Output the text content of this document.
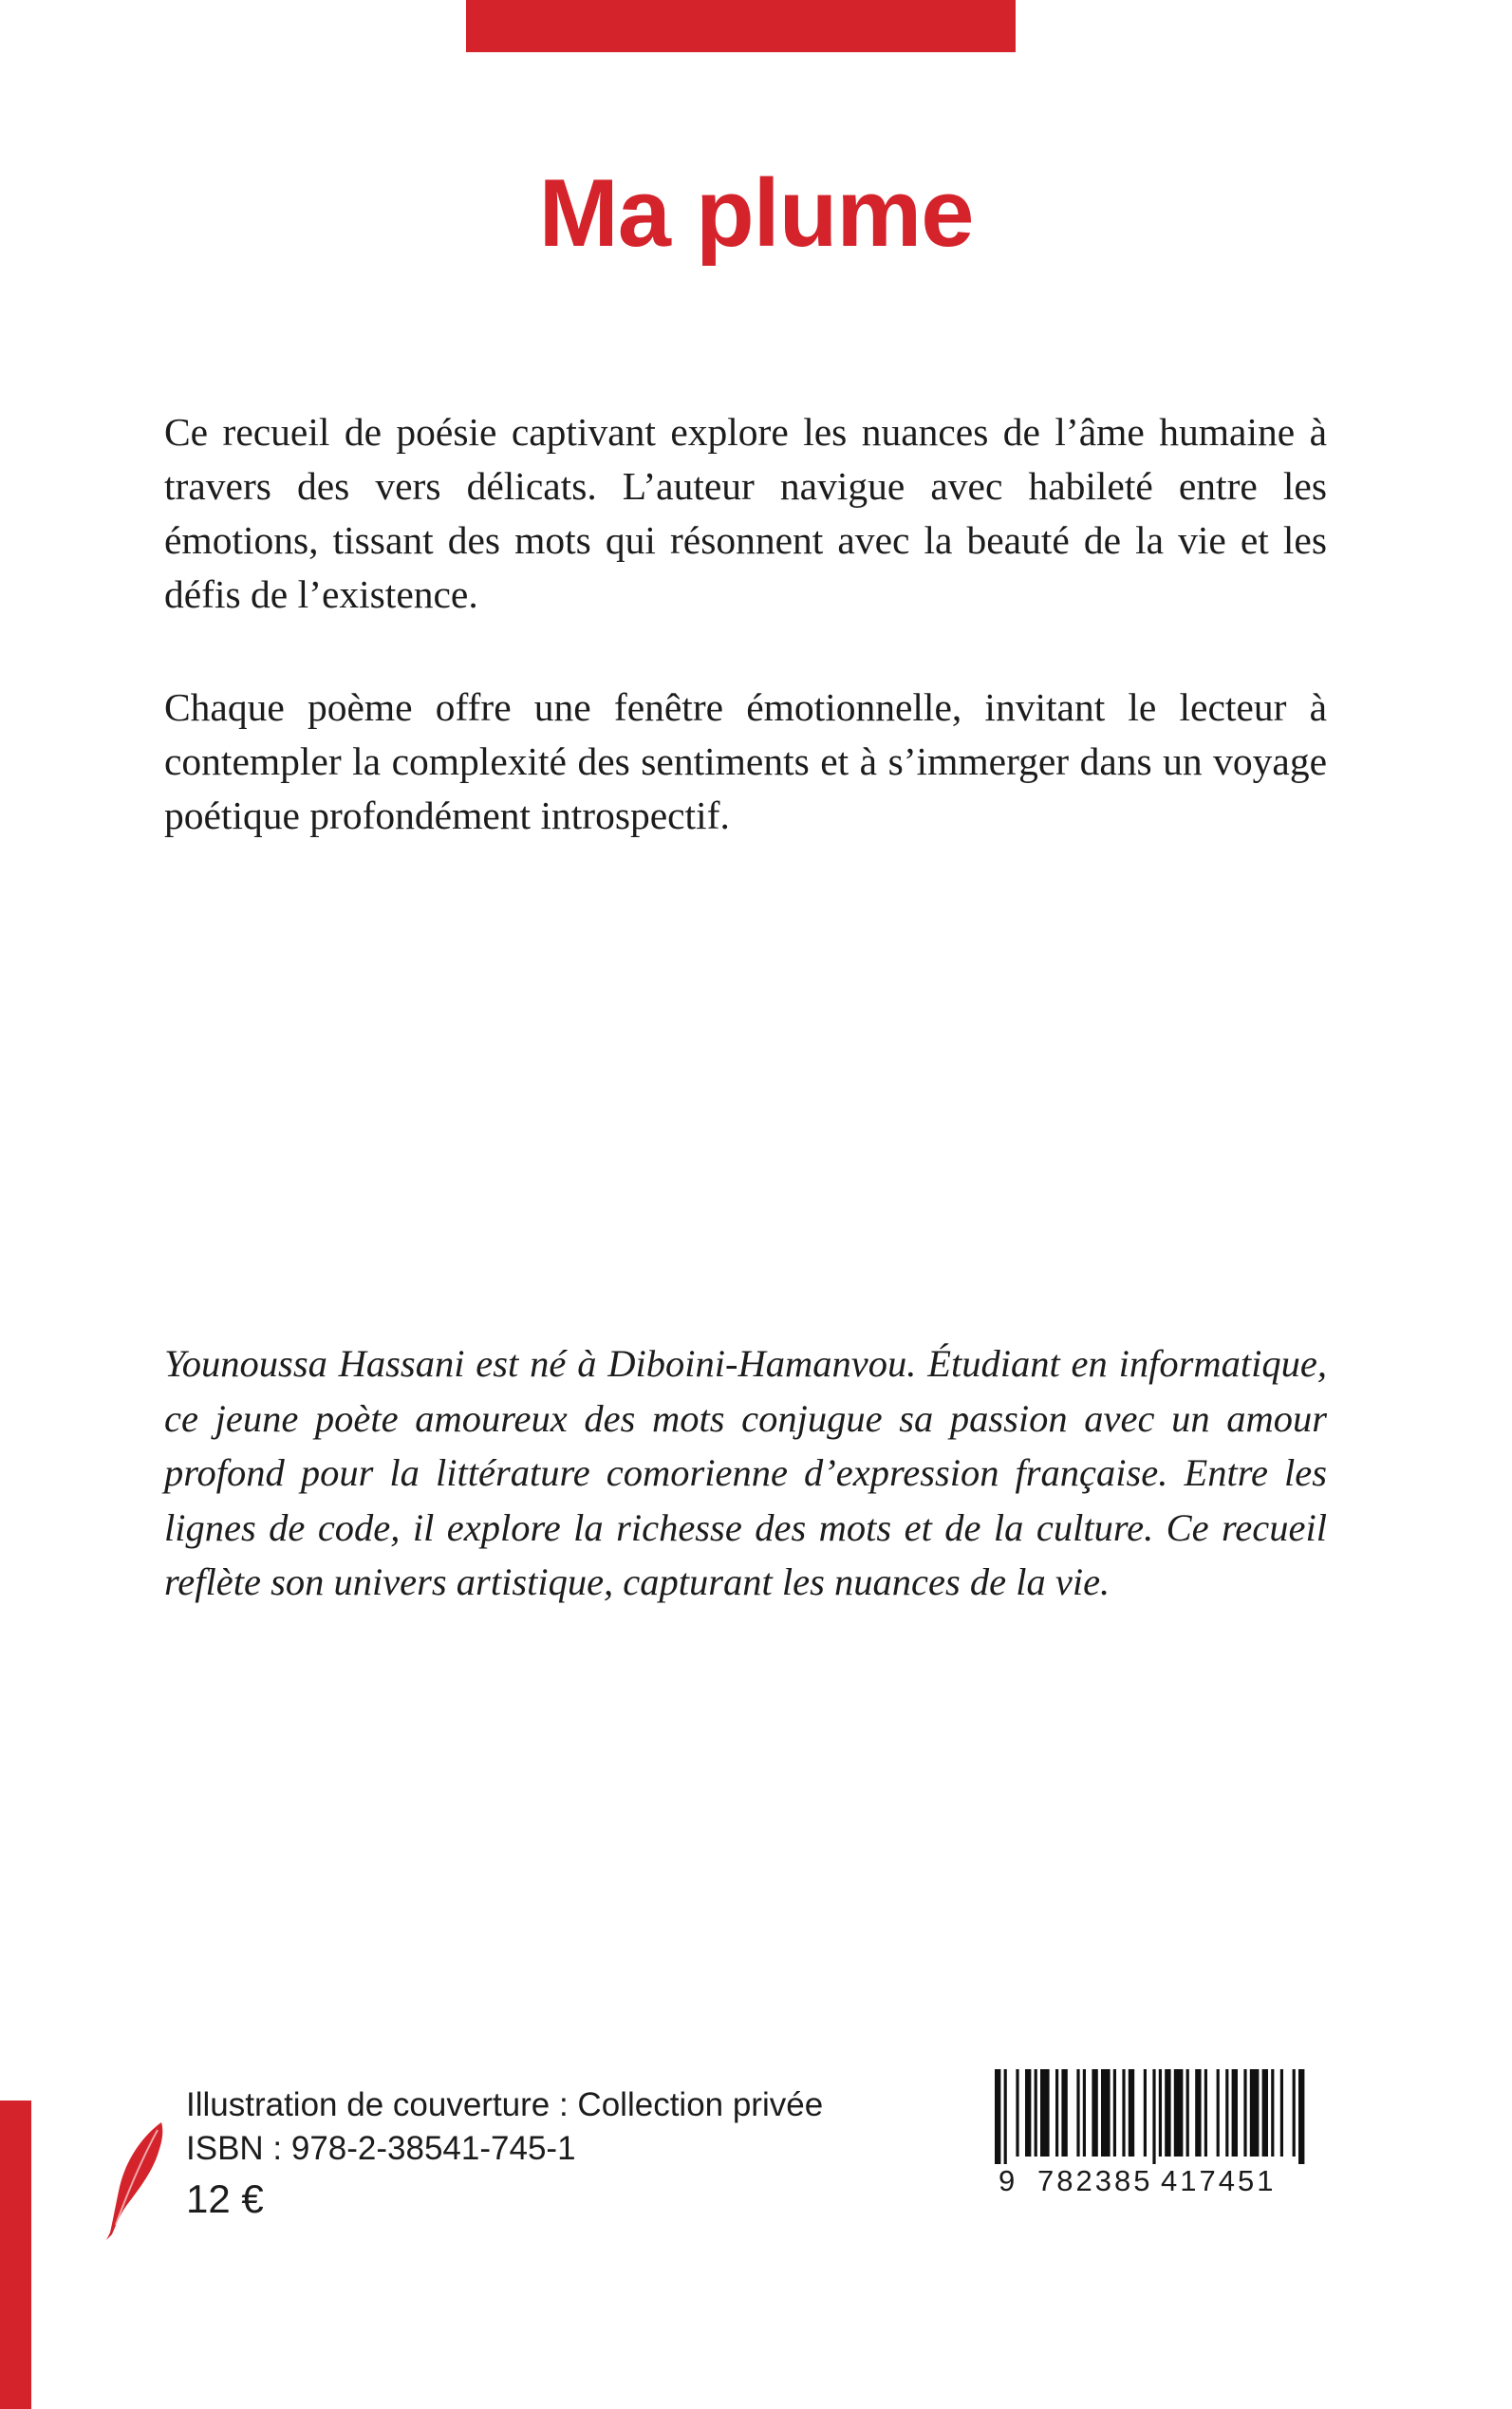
Ma plume

Ce recueil de poésie captivant explore les nuances de l’âme humaine à travers des vers délicats. L’auteur navigue avec habileté entre les émotions, tissant des mots qui résonnent avec la beauté de la vie et les défis de l’existence.

Chaque poème offre une fenêtre émotionnelle, invitant le lecteur à contempler la complexité des sentiments et à s’immerger dans un voyage poétique profondément introspectif.

Younoussa Hassani est né à Diboini-Hamanvou. Étudiant en informatique, ce jeune poète amoureux des mots conjugue sa passion avec un amour profond pour la littérature comorienne d’expression française. Entre les lignes de code, il explore la richesse des mots et de la culture. Ce recueil reflète son univers artistique, capturant les nuances de la vie.

Illustration de couverture : Collection privée
ISBN : 978-2-38541-745-1
12 €	9 782385 417451
